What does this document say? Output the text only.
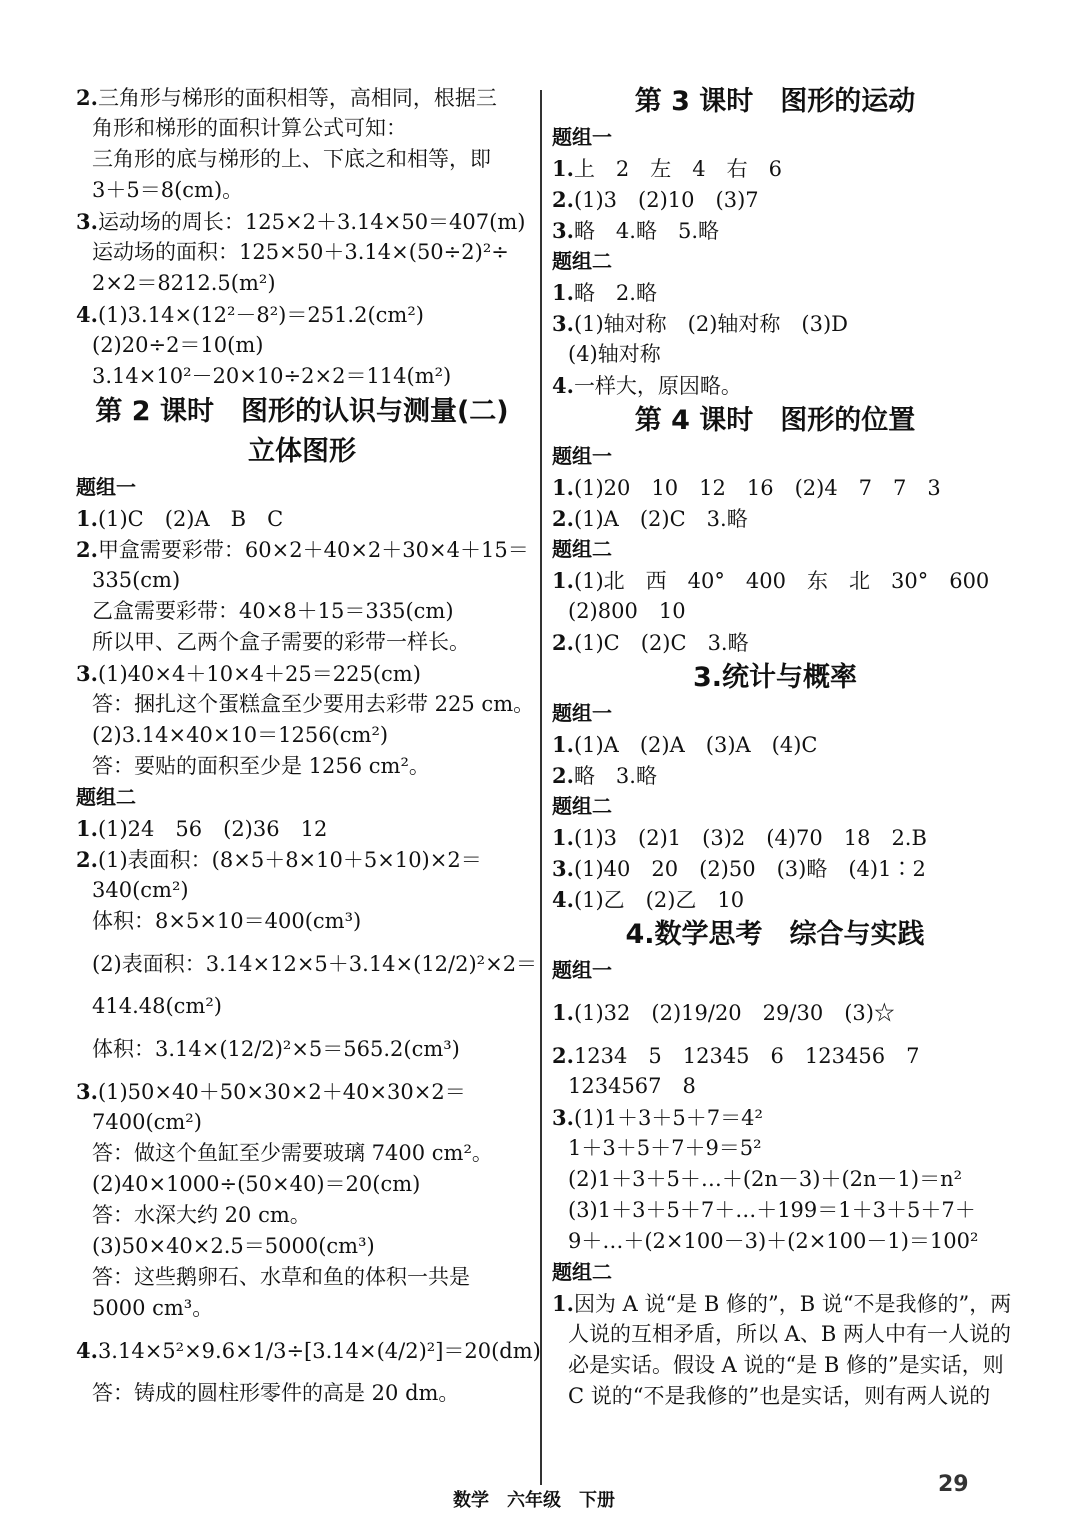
2.三角形与梯形的面积相等，高相同，根据三
角形和梯形的面积计算公式可知：
三角形的底与梯形的上、下底之和相等，即
3＋5＝8(cm)。
3.运动场的周长：125×2＋3.14×50＝407(m)
运动场的面积：125×50＋3.14×(50÷2)²÷
2×2＝8212.5(m²)
4.(1)3.14×(12²－8²)＝251.2(cm²)
(2)20÷2＝10(m)
3.14×10²－20×10÷2×2＝114(m²)
第 2 课时　图形的认识与测量(二)
立体图形
题组一
1.(1)C　(2)A　B　C
2.甲盒需要彩带：60×2＋40×2＋30×4＋15＝
335(cm)
乙盒需要彩带：40×8＋15＝335(cm)
所以甲、乙两个盒子需要的彩带一样长。
3.(1)40×4＋10×4＋25＝225(cm)
答：捆扎这个蛋糕盒至少要用去彩带 225 cm。
(2)3.14×40×10＝1256(cm²)
答：要贴的面积至少是 1256 cm²。
题组二
1.(1)24　56　(2)36　12
2.(1)表面积：(8×5＋8×10＋5×10)×2＝
340(cm²)
体积：8×5×10＝400(cm³)
(2)表面积：3.14×12×5＋3.14×(12/2)²×2＝
414.48(cm²)
体积：3.14×(12/2)²×5＝565.2(cm³)
3.(1)50×40＋50×30×2＋40×30×2＝
7400(cm²)
答：做这个鱼缸至少需要玻璃 7400 cm²。
(2)40×1000÷(50×40)＝20(cm)
答：水深大约 20 cm。
(3)50×40×2.5＝5000(cm³)
答：这些鹅卵石、水草和鱼的体积一共是
5000 cm³。
4.3.14×5²×9.6×1/3÷[3.14×(4/2)²]＝20(dm)
答：铸成的圆柱形零件的高是 20 dm。
第 3 课时　图形的运动
题组一
1.上　2　左　4　右　6
2.(1)3　(2)10　(3)7
3.略　4.略　5.略
题组二
1.略　2.略
3.(1)轴对称　(2)轴对称　(3)D
(4)轴对称
4.一样大，原因略。
第 4 课时　图形的位置
题组一
1.(1)20　10　12　16　(2)4　7　7　3
2.(1)A　(2)C　3.略
题组二
1.(1)北　西　40°　400　东　北　30°　600
(2)800　10
2.(1)C　(2)C　3.略
3.统计与概率
题组一
1.(1)A　(2)A　(3)A　(4)C
2.略　3.略
题组二
1.(1)3　(2)1　(3)2　(4)70　18　2.B
3.(1)40　20　(2)50　(3)略　(4)1∶2
4.(1)乙　(2)乙　10
4.数学思考　综合与实践
题组一
1.(1)32　(2)19/20　29/30　(3)☆
2.1234　5　12345　6　123456　7
1234567　8
3.(1)1＋3＋5＋7＝4²
1＋3＋5＋7＋9＝5²
(2)1＋3＋5＋…＋(2n－3)＋(2n－1)＝n²
(3)1＋3＋5＋7＋…＋199＝1＋3＋5＋7＋
9＋…＋(2×100－3)＋(2×100－1)＝100²
题组二
1.因为 A 说“是 B 修的”，B 说“不是我修的”，两
人说的互相矛盾，所以 A、B 两人中有一人说的
必是实话。假设 A 说的“是 B 修的”是实话，则
C 说的“不是我修的”也是实话，则有两人说的
数学　六年级　下册
29
